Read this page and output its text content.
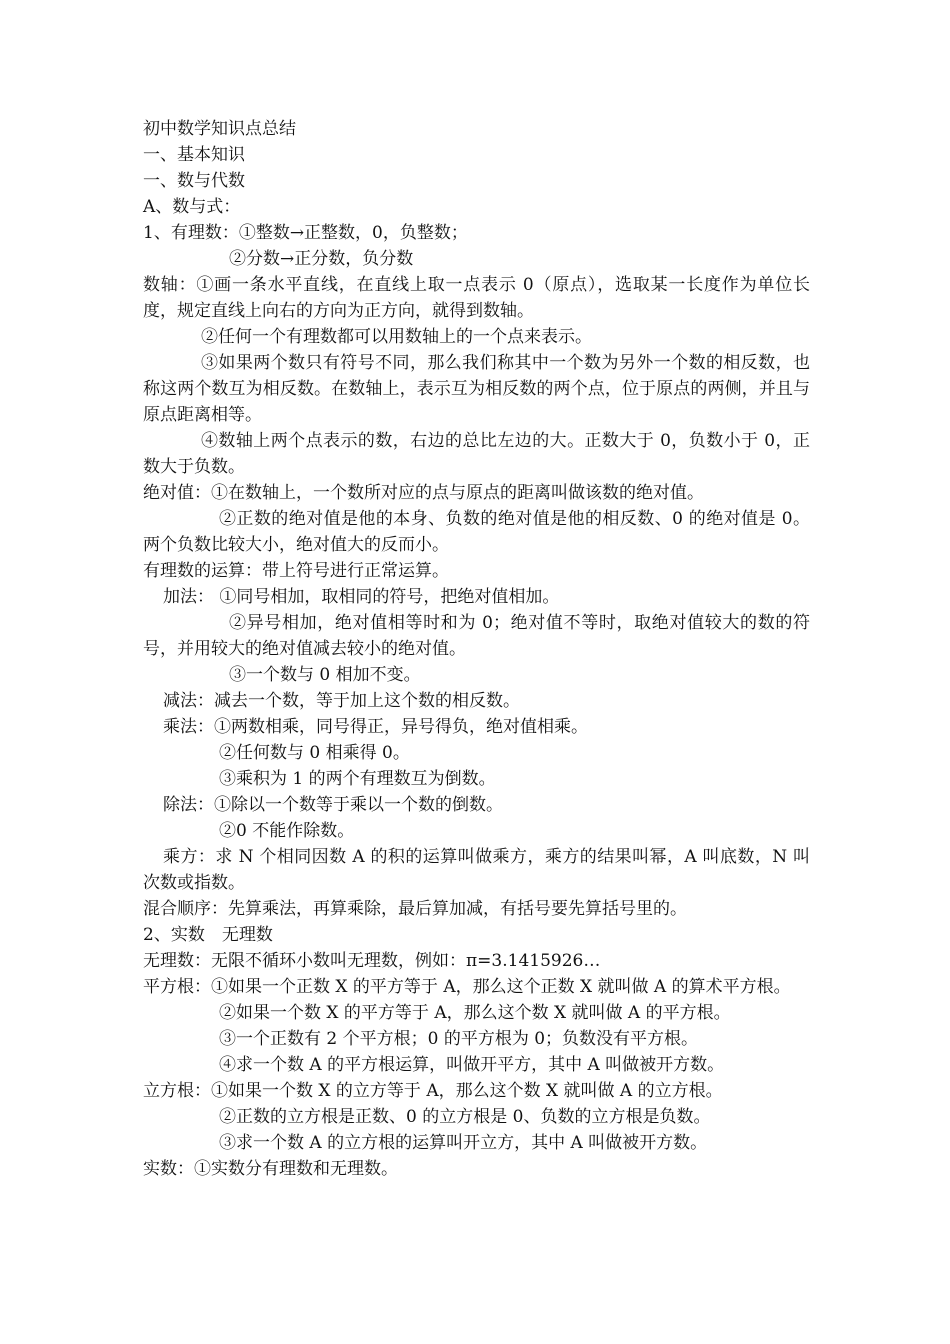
初中数学知识点总结
一、基本知识
一、数与代数
A、数与式：
1、有理数：①整数→正整数，0，负整数；
②分数→正分数，负分数
数轴：①画一条水平直线，在直线上取一点表示 0（原点），选取某一长度作为单位长度，规定直线上向右的方向为正方向，就得到数轴。
②任何一个有理数都可以用数轴上的一个点来表示。
③如果两个数只有符号不同，那么我们称其中一个数为另外一个数的相反数，也称这两个数互为相反数。在数轴上，表示互为相反数的两个点，位于原点的两侧，并且与原点距离相等。
④数轴上两个点表示的数，右边的总比左边的大。正数大于 0，负数小于 0，正数大于负数。
绝对值：①在数轴上，一个数所对应的点与原点的距离叫做该数的绝对值。
②正数的绝对值是他的本身、负数的绝对值是他的相反数、0 的绝对值是 0。两个负数比较大小，绝对值大的反而小。
有理数的运算：带上符号进行正常运算。
加法： ①同号相加，取相同的符号，把绝对值相加。
②异号相加，绝对值相等时和为 0；绝对值不等时，取绝对值较大的数的符号，并用较大的绝对值减去较小的绝对值。
③一个数与 0 相加不变。
减法：减去一个数，等于加上这个数的相反数。
乘法：①两数相乘，同号得正，异号得负，绝对值相乘。
②任何数与 0 相乘得 0。
③乘积为 1 的两个有理数互为倒数。
除法：①除以一个数等于乘以一个数的倒数。
②0 不能作除数。
乘方：求 N 个相同因数 A 的积的运算叫做乘方，乘方的结果叫幂，A 叫底数，N 叫次数或指数。
混合顺序：先算乘法，再算乘除，最后算加减，有括号要先算括号里的。
2、实数　无理数
无理数：无限不循环小数叫无理数，例如：π=3.1415926…
平方根：①如果一个正数 X 的平方等于 A，那么这个正数 X 就叫做 A 的算术平方根。
②如果一个数 X 的平方等于 A，那么这个数 X 就叫做 A 的平方根。
③一个正数有 2 个平方根；0 的平方根为 0；负数没有平方根。
④求一个数 A 的平方根运算，叫做开平方，其中 A 叫做被开方数。
立方根：①如果一个数 X 的立方等于 A，那么这个数 X 就叫做 A 的立方根。
②正数的立方根是正数、0 的立方根是 0、负数的立方根是负数。
③求一个数 A 的立方根的运算叫开立方，其中 A 叫做被开方数。
实数：①实数分有理数和无理数。
